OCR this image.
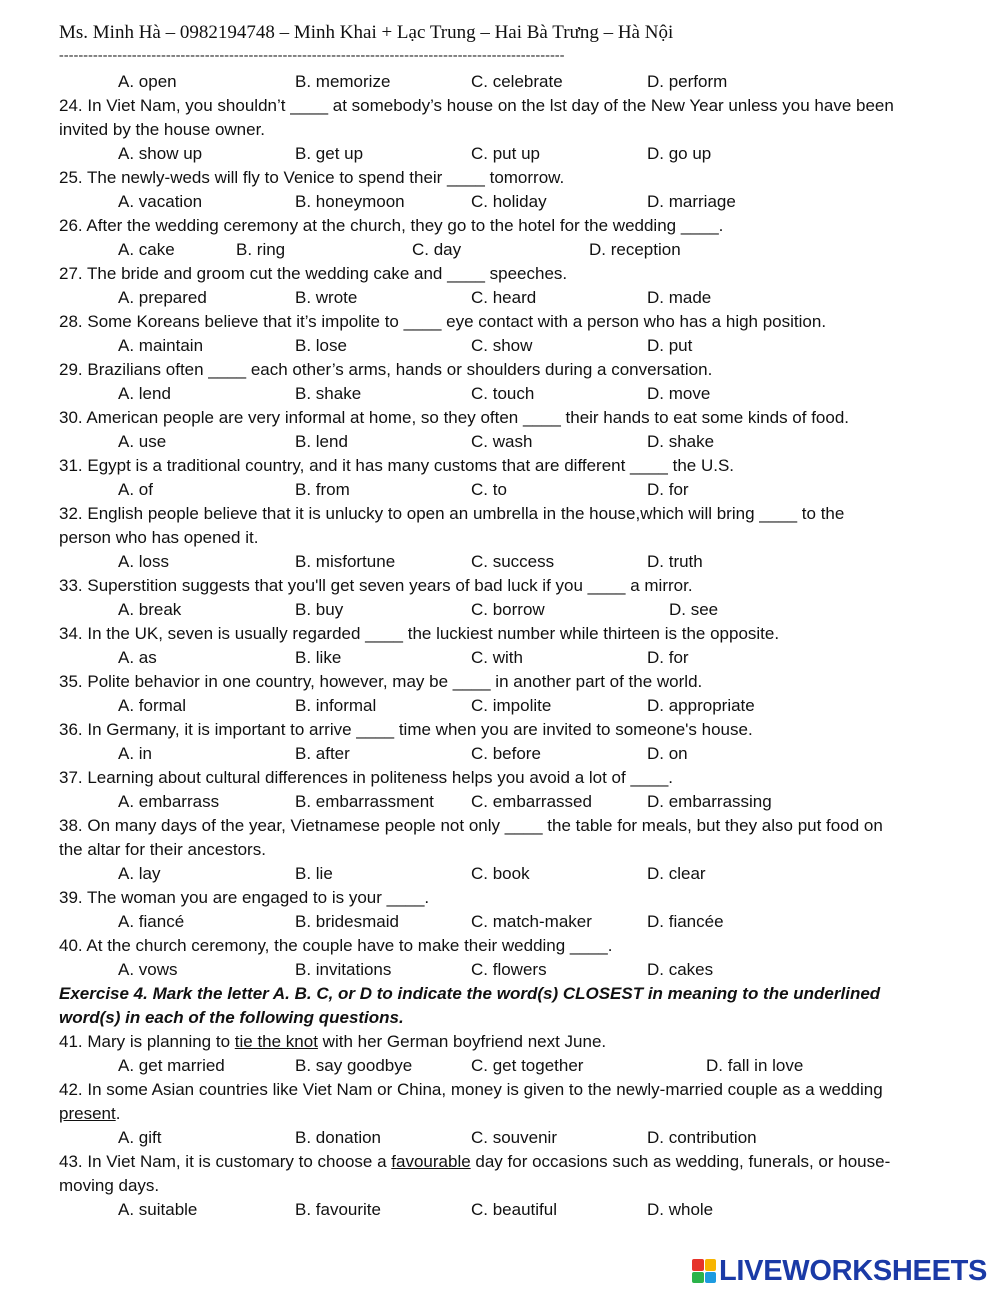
Ms. Minh Hà – 0982194748 – Minh Khai + Lạc Trung – Hai Bà Trưng – Hà Nội
--------------------------------------------------------------------------------------------------------
A. open	B. memorize	C. celebrate	D. perform
24. In Viet Nam, you shouldn’t ____ at somebody’s house on the lst day of the New Year unless you have been
invited by the house owner.
A. show up	B. get up	C. put up	D. go up
25. The newly-weds will fly to Venice to spend their ____ tomorrow.
A. vacation	B. honeymoon	C. holiday	D. marriage
26. After the wedding ceremony at the church, they go to the hotel for the wedding ____.
A. cake	B. ring	C. day	D. reception
27. The bride and groom cut the wedding cake and ____ speeches.
A. prepared	B. wrote	C. heard	D. made
28. Some Koreans believe that it’s impolite to ____ eye contact with a person who has a high position.
A. maintain	B. lose	C. show	D. put
29. Brazilians often ____ each other’s arms, hands or shoulders during a conversation.
A. lend	B. shake	C. touch	D. move
30. American people are very informal at home, so they often ____ their hands to eat some kinds of food.
A. use	B. lend	C. wash	D. shake
31. Egypt is a traditional country, and it has many customs that are different ____ the U.S.
A. of	B. from	C. to	D. for
32. English people believe that it is unlucky to open an umbrella in the house,which will bring ____ to the
person who has opened it.
A. loss	B. misfortune	C. success	D. truth
33. Superstition suggests that you'll get seven years of bad luck if you ____ a mirror.
A. break	B. buy	C. borrow	D. see
34. In the UK, seven is usually regarded ____ the luckiest number while thirteen is the opposite.
A. as	B. like	C. with	D. for
35. Polite behavior in one country, however, may be ____ in another part of the world.
A. formal	B. informal	C. impolite	D. appropriate
36. In Germany, it is important to arrive ____ time when you are invited to someone's house.
A. in	B. after	C. before	D. on
37. Learning about cultural differences in politeness helps you avoid a lot of ____.
A. embarrass	B. embarrassment C. embarrassed	D. embarrassing
38. On many days of the year, Vietnamese people not only ____ the table for meals, but they also put food on
the altar for their ancestors.
A. lay	B. lie	C. book	D. clear
39. The woman you are engaged to is your ____.
A. fiancé	B. bridesmaid	C. match-maker	D. fiancée
40. At the church ceremony, the couple have to make their wedding ____.
A. vows	B. invitations	C. flowers	D. cakes
Exercise 4. Mark the letter A. B. C, or D to indicate the word(s) CLOSEST in meaning to the underlined
word(s) in each of the following questions.
41. Mary is planning to tie the knot with her German boyfriend next June.
A. get married	B. say goodbye	C. get together	D. fall in love
42. In some Asian countries like Viet Nam or China, money is given to the newly-married couple as a wedding
present.
A. gift	B. donation	C. souvenir	D. contribution
43. In Viet Nam, it is customary to choose a favourable day for occasions such as wedding, funerals, or house-
moving days.
A. suitable	B. favourite	C. beautiful	D. whole
LIVEWORKSHEETS
